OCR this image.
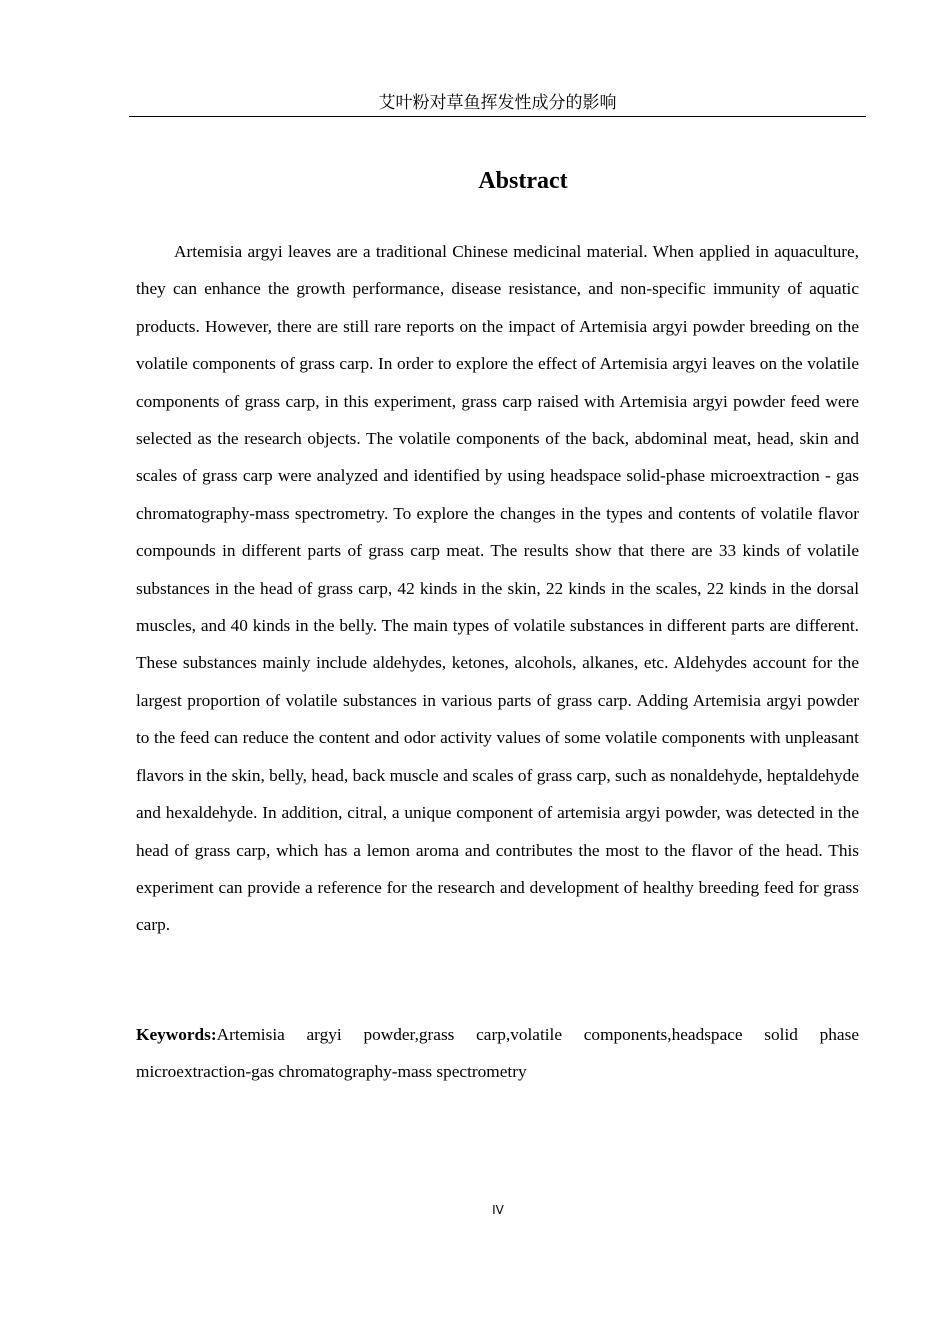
艾叶粉对草鱼挥发性成分的影响
Abstract

Artemisia argyi leaves are a traditional Chinese medicinal material. When applied in aquaculture, they can enhance the growth performance, disease resistance, and non-specific immunity of aquatic products. However, there are still rare reports on the impact of Artemisia argyi powder breeding on the volatile components of grass carp. In order to explore the effect of Artemisia argyi leaves on the volatile components of grass carp, in this experiment, grass carp raised with Artemisia argyi powder feed were selected as the research objects. The volatile components of the back, abdominal meat, head, skin and scales of grass carp were analyzed and identified by using headspace solid-phase microextraction - gas chromatography-mass spectrometry. To explore the changes in the types and contents of volatile flavor compounds in different parts of grass carp meat. The results show that there are 33 kinds of volatile substances in the head of grass carp, 42 kinds in the skin, 22 kinds in the scales, 22 kinds in the dorsal muscles, and 40 kinds in the belly. The main types of volatile substances in different parts are different. These substances mainly include aldehydes, ketones, alcohols, alkanes, etc. Aldehydes account for the largest proportion of volatile substances in various parts of grass carp. Adding Artemisia argyi powder to the feed can reduce the content and odor activity values of some volatile components with unpleasant flavors in the skin, belly, head, back muscle and scales of grass carp, such as nonaldehyde, heptaldehyde and hexaldehyde. In addition, citral, a unique component of artemisia argyi powder, was detected in the head of grass carp, which has a lemon aroma and contributes the most to the flavor of the head. This experiment can provide a reference for the research and development of healthy breeding feed for grass carp.

Keywords:Artemisia argyi powder,grass carp,volatile components,headspace solid phase microextraction-gas chromatography-mass spectrometry

IV
